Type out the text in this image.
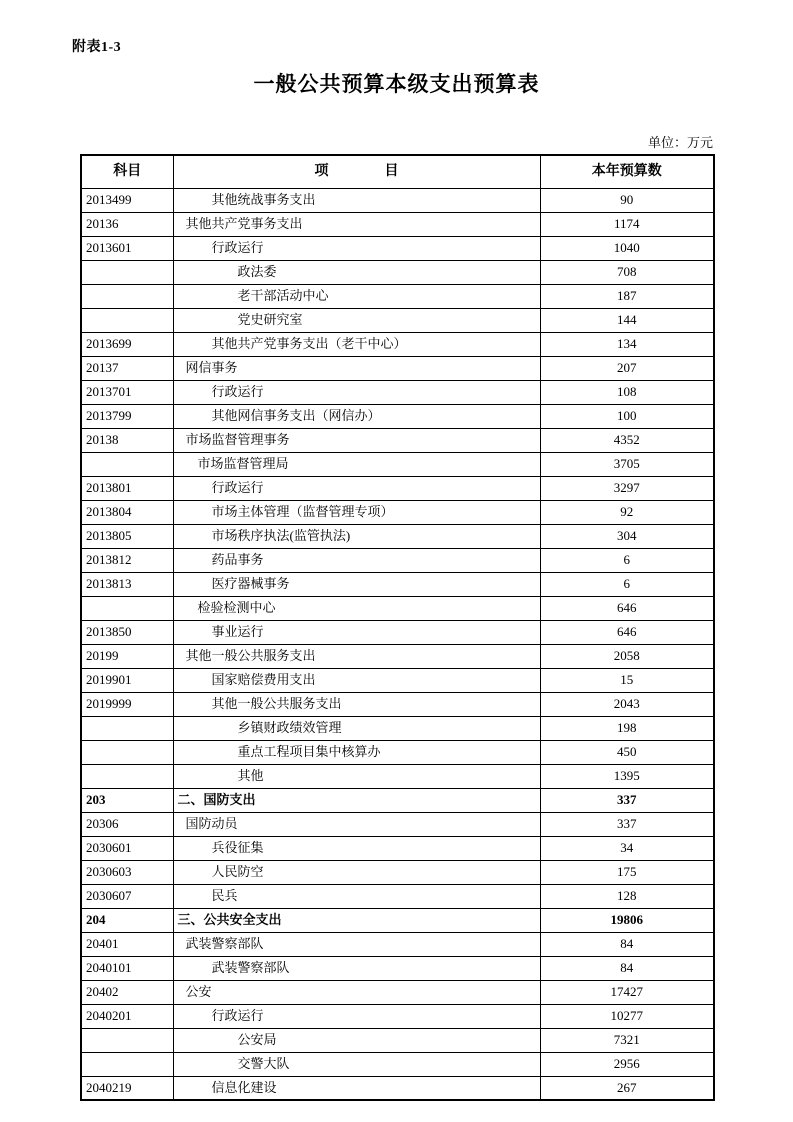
附表1-3
一般公共预算本级支出预算表
单位：万元
科目	项　　　　目	本年预算数
2013499	其他统战事务支出	90
20136	其他共产党事务支出	1174
2013601	行政运行	1040
	政法委	708
	老干部活动中心	187
	党史研究室	144
2013699	其他共产党事务支出（老干中心）	134
20137	网信事务	207
2013701	行政运行	108
2013799	其他网信事务支出（网信办）	100
20138	市场监督管理事务	4352
	市场监督管理局	3705
2013801	行政运行	3297
2013804	市场主体管理（监督管理专项）	92
2013805	市场秩序执法(监管执法)	304
2013812	药品事务	6
2013813	医疗器械事务	6
	检验检测中心	646
2013850	事业运行	646
20199	其他一般公共服务支出	2058
2019901	国家赔偿费用支出	15
2019999	其他一般公共服务支出	2043
	乡镇财政绩效管理	198
	重点工程项目集中核算办	450
	其他	1395
203	二、国防支出	337
20306	国防动员	337
2030601	兵役征集	34
2030603	人民防空	175
2030607	民兵	128
204	三、公共安全支出	19806
20401	武装警察部队	84
2040101	武装警察部队	84
20402	公安	17427
2040201	行政运行	10277
	公安局	7321
	交警大队	2956
2040219	信息化建设	267
